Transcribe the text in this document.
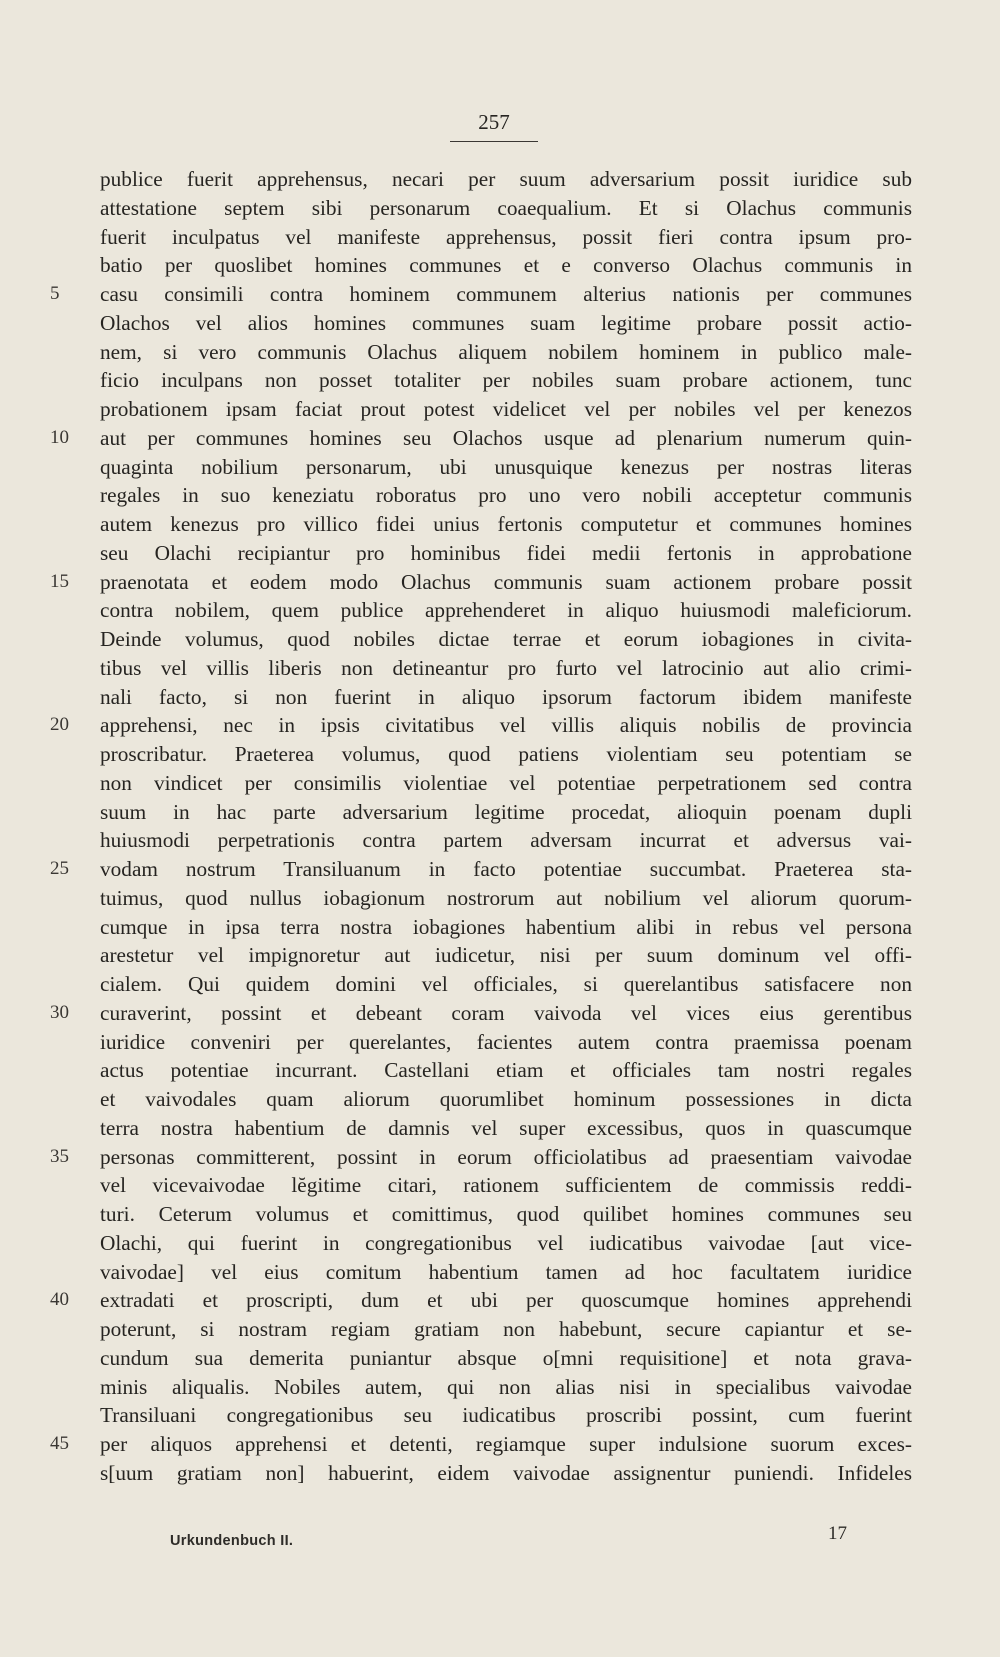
257
publice fuerit apprehensus, necari per suum adversarium possit iuridice sub
attestatione septem sibi personarum coaequalium. Et si Olachus communis
fuerit inculpatus vel manifeste apprehensus, possit fieri contra ipsum pro-
batio per quoslibet homines communes et e converso Olachus communis in
5	casu consimili contra hominem communem alterius nationis per communes
Olachos vel alios homines communes suam legitime probare possit actio-
nem, si vero communis Olachus aliquem nobilem hominem in publico male-
ficio inculpans non posset totaliter per nobiles suam probare actionem, tunc
probationem ipsam faciat prout potest videlicet vel per nobiles vel per kenezos
10	aut per communes homines seu Olachos usque ad plenarium numerum quin-
quaginta nobilium personarum, ubi unusquique kenezus per nostras literas
regales in suo keneziatu roboratus pro uno vero nobili acceptetur communis
autem kenezus pro villico fidei unius fertonis computetur et communes homines
seu Olachi recipiantur pro hominibus fidei medii fertonis in approbatione
15	praenotata et eodem modo Olachus communis suam actionem probare possit
contra nobilem, quem publice apprehenderet in aliquo huiusmodi maleficiorum.
Deinde volumus, quod nobiles dictae terrae et eorum iobagiones in civita-
tibus vel villis liberis non detineantur pro furto vel latrocinio aut alio crimi-
nali facto, si non fuerint in aliquo ipsorum factorum ibidem manifeste
20	apprehensi, nec in ipsis civitatibus vel villis aliquis nobilis de provincia
proscribatur. Praeterea volumus, quod patiens violentiam seu potentiam se
non vindicet per consimilis violentiae vel potentiae perpetrationem sed contra
suum in hac parte adversarium legitime procedat, alioquin poenam dupli
huiusmodi perpetrationis contra partem adversam incurrat et adversus vai-
25	vodam nostrum Transiluanum in facto potentiae succumbat. Praeterea sta-
tuimus, quod nullus iobagionum nostrorum aut nobilium vel aliorum quorum-
cumque in ipsa terra nostra iobagiones habentium alibi in rebus vel persona
arestetur vel impignoretur aut iudicetur, nisi per suum dominum vel offi-
cialem. Qui quidem domini vel officiales, si querelantibus satisfacere non
30	curaverint, possint et debeant coram vaivoda vel vices eius gerentibus
iuridice conveniri per querelantes, facientes autem contra praemissa poenam
actus potentiae incurrant. Castellani etiam et officiales tam nostri regales
et vaivodales quam aliorum quorumlibet hominum possessiones in dicta
terra nostra habentium de damnis vel super excessibus, quos in quascumque
35	personas committerent, possint in eorum officiolatibus ad praesentiam vaivodae
vel vicevaivodae lĕgitime citari, rationem sufficientem de commissis reddi-
turi. Ceterum volumus et comittimus, quod quilibet homines communes seu
Olachi, qui fuerint in congregationibus vel iudicatibus vaivodae [aut vice-
vaivodae] vel eius comitum habentium tamen ad hoc facultatem iuridice
40	extradati et proscripti, dum et ubi per quoscumque homines apprehendi
poterunt, si nostram regiam gratiam non habebunt, secure capiantur et se-
cundum sua demerita puniantur absque o[mni requisitione] et nota grava-
minis aliqualis. Nobiles autem, qui non alias nisi in specialibus vaivodae
Transiluani congregationibus seu iudicatibus proscribi possint, cum fuerint
45	per aliquos apprehensi et detenti, regiamque super indulsione suorum exces-
s[uum gratiam non] habuerint, eidem vaivodae assignentur puniendi. Infideles
Urkundenbuch II.	17
